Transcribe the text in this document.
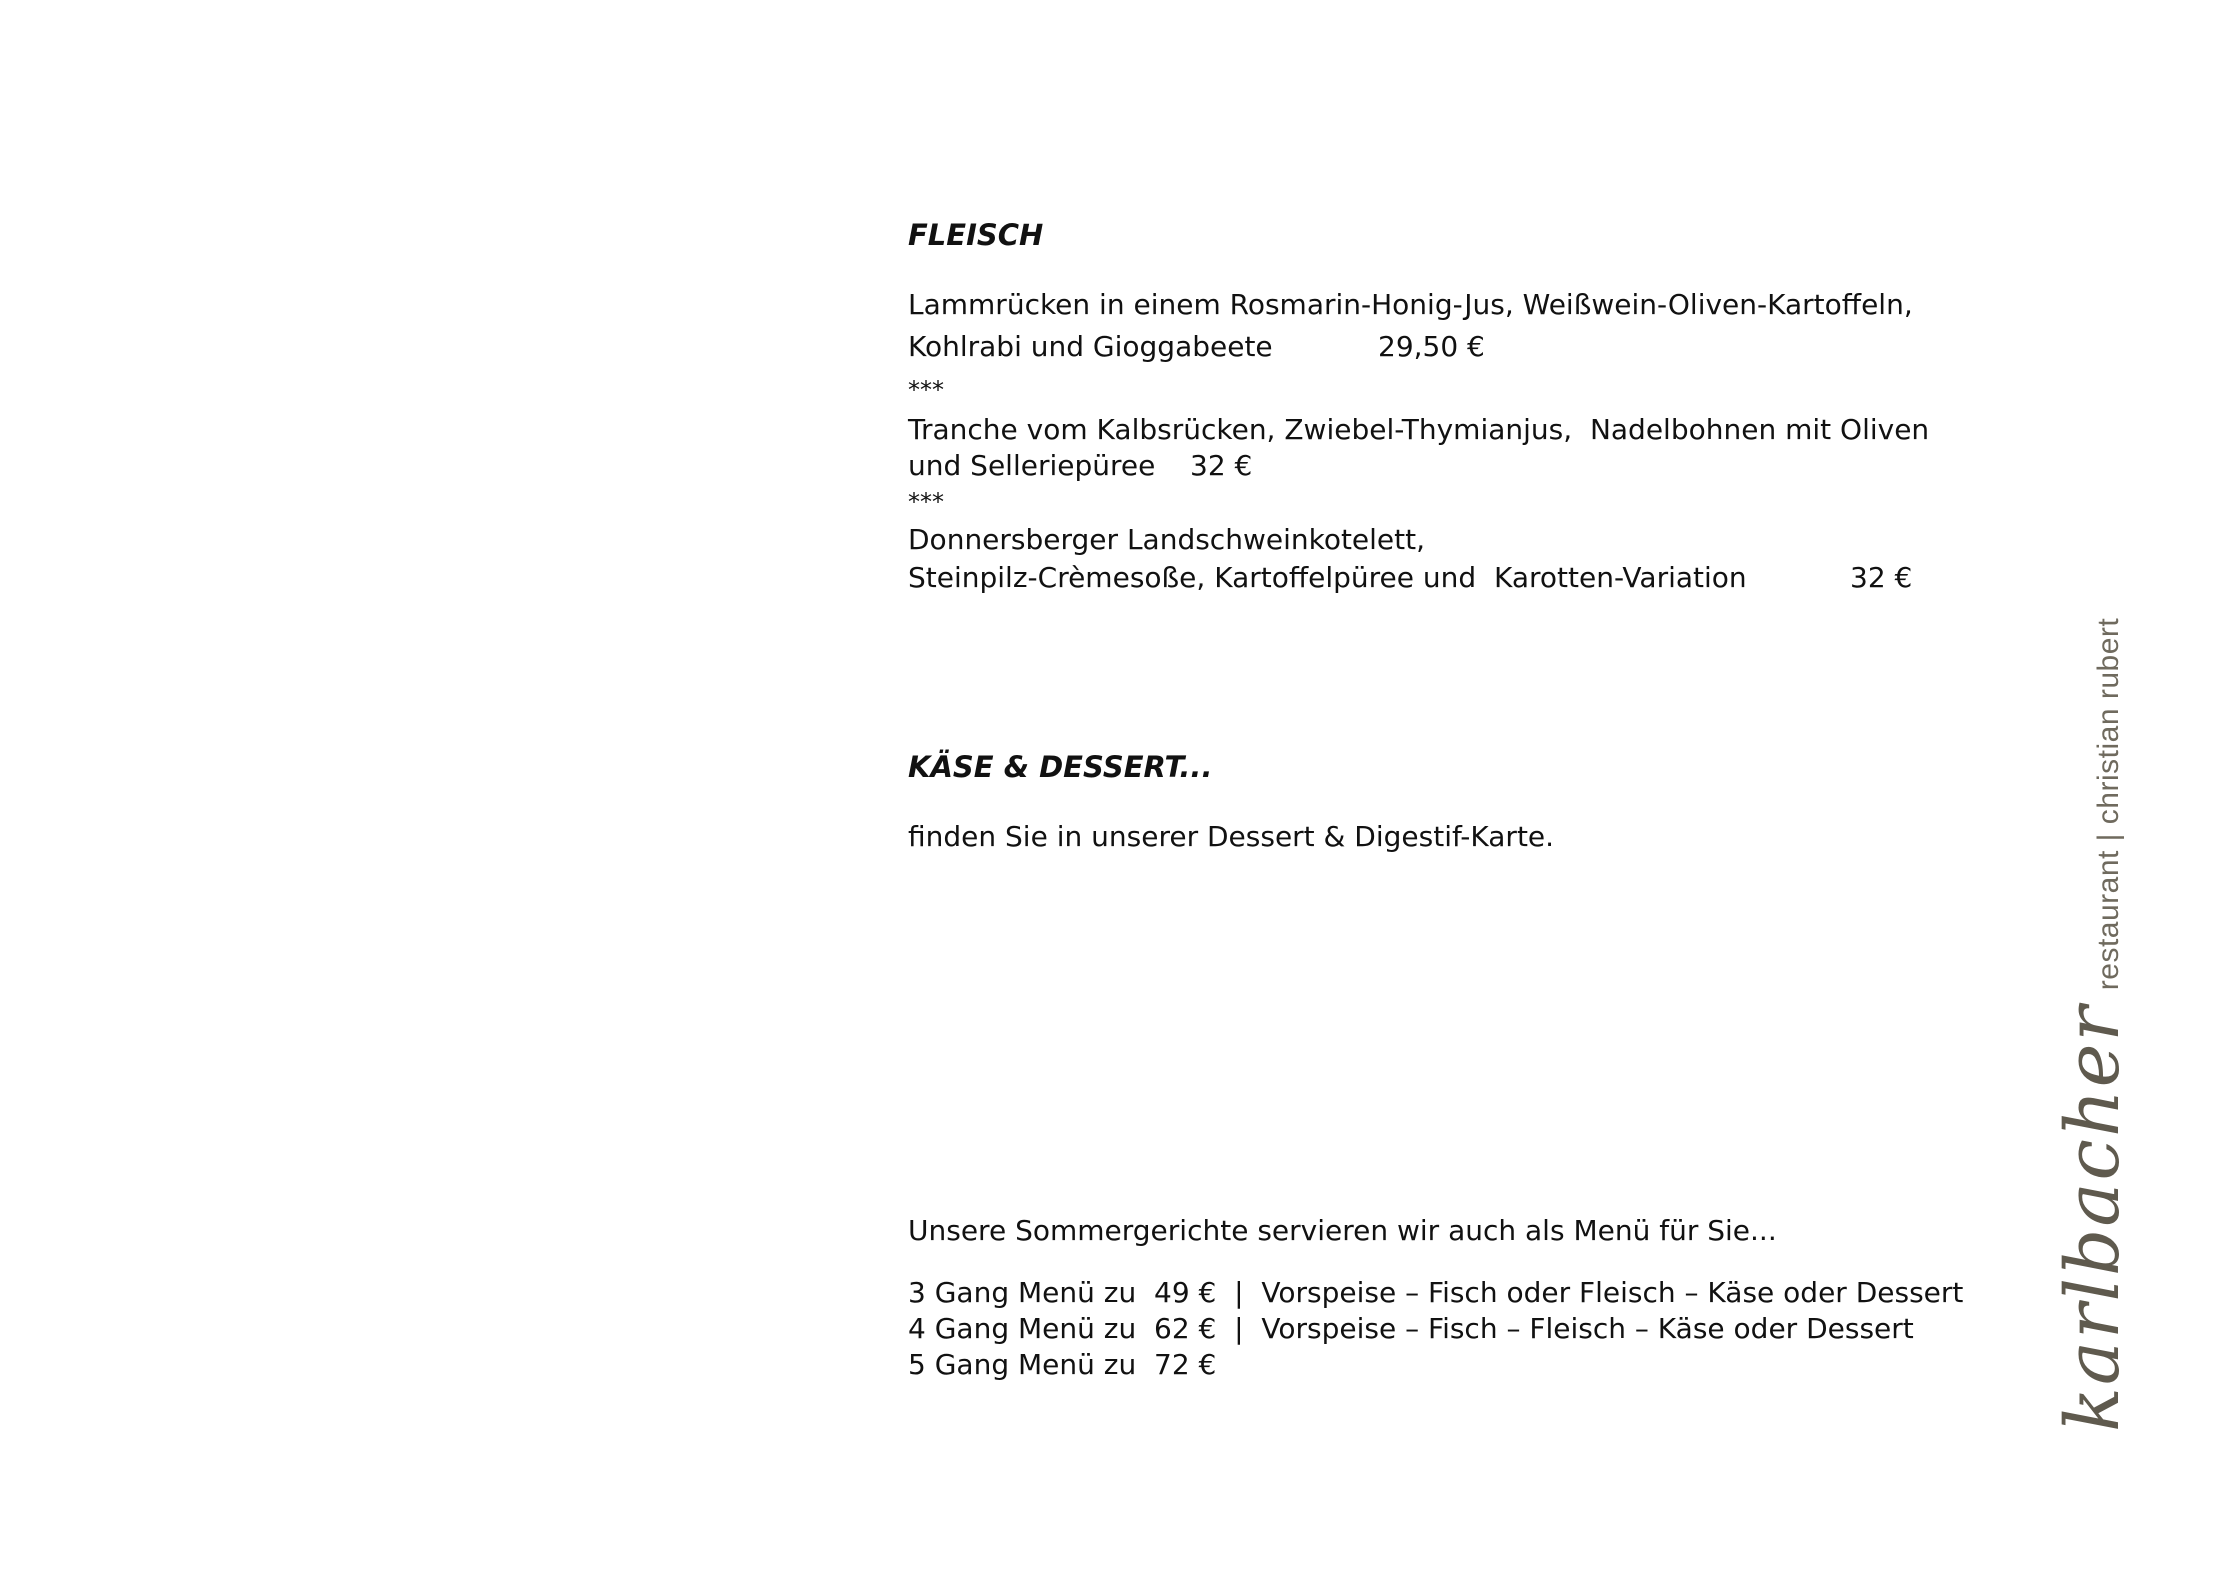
FLEISCH
Lammrücken in einem Rosmarin-Honig-Jus, Weißwein-Oliven-Kartoffeln,
Kohlrabi und Gioggabeete	29,50 €
***
Tranche vom Kalbsrücken, Zwiebel-Thymianjus,  Nadelbohnen mit Oliven
und Selleriepüree 32 €
***
Donnersberger Landschweinkotelett,
Steinpilz-Crèmesoße, Kartoffelpüree und  Karotten-Variation	32 €
KÄSE & DESSERT...
finden Sie in unserer Dessert & Digestif-Karte.
Unsere Sommergerichte servieren wir auch als Menü für Sie...
3 Gang Menü zu  49 €  |  Vorspeise – Fisch oder Fleisch – Käse oder Dessert
4 Gang Menü zu  62 €  |  Vorspeise – Fisch – Fleisch – Käse oder Dessert
5 Gang Menü zu  72 €	karlbacherrestaurant | christian rubert
